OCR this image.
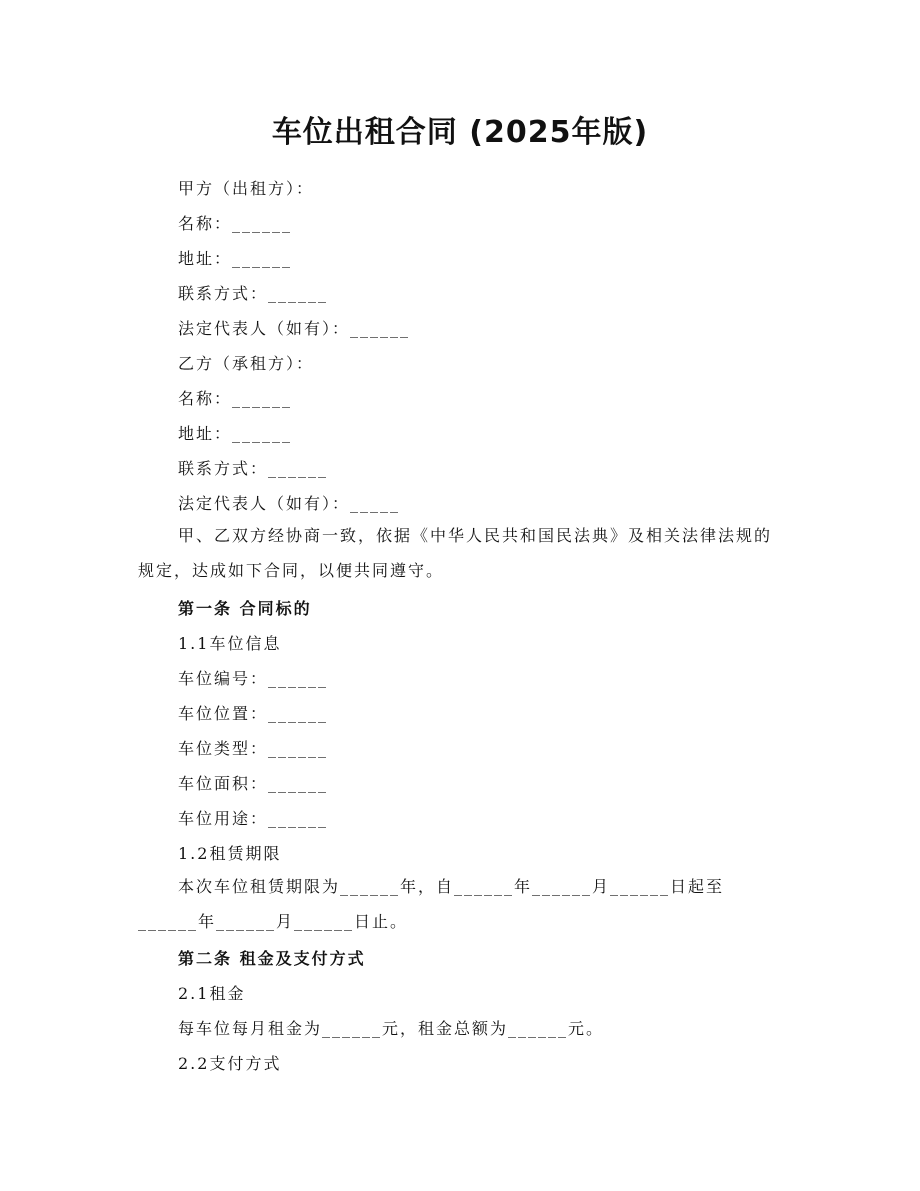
车位出租合同 (2025年版)

甲方（出租方）：

名称：______

地址：______

联系方式：______

法定代表人（如有）：______

乙方（承租方）：

名称：______

地址：______

联系方式：______

法定代表人（如有）：_____

甲、乙双方经协商一致，依据《中华人民共和国民法典》及相关法律法规的规定，达成如下合同，以便共同遵守。

第一条 合同标的

1.1车位信息

车位编号：______

车位位置：______

车位类型：______

车位面积：______

车位用途：______

1.2租赁期限

本次车位租赁期限为______年，自______年______月______日起至______年______月______日止。

第二条 租金及支付方式

2.1租金

每车位每月租金为______元，租金总额为______元。

2.2支付方式
